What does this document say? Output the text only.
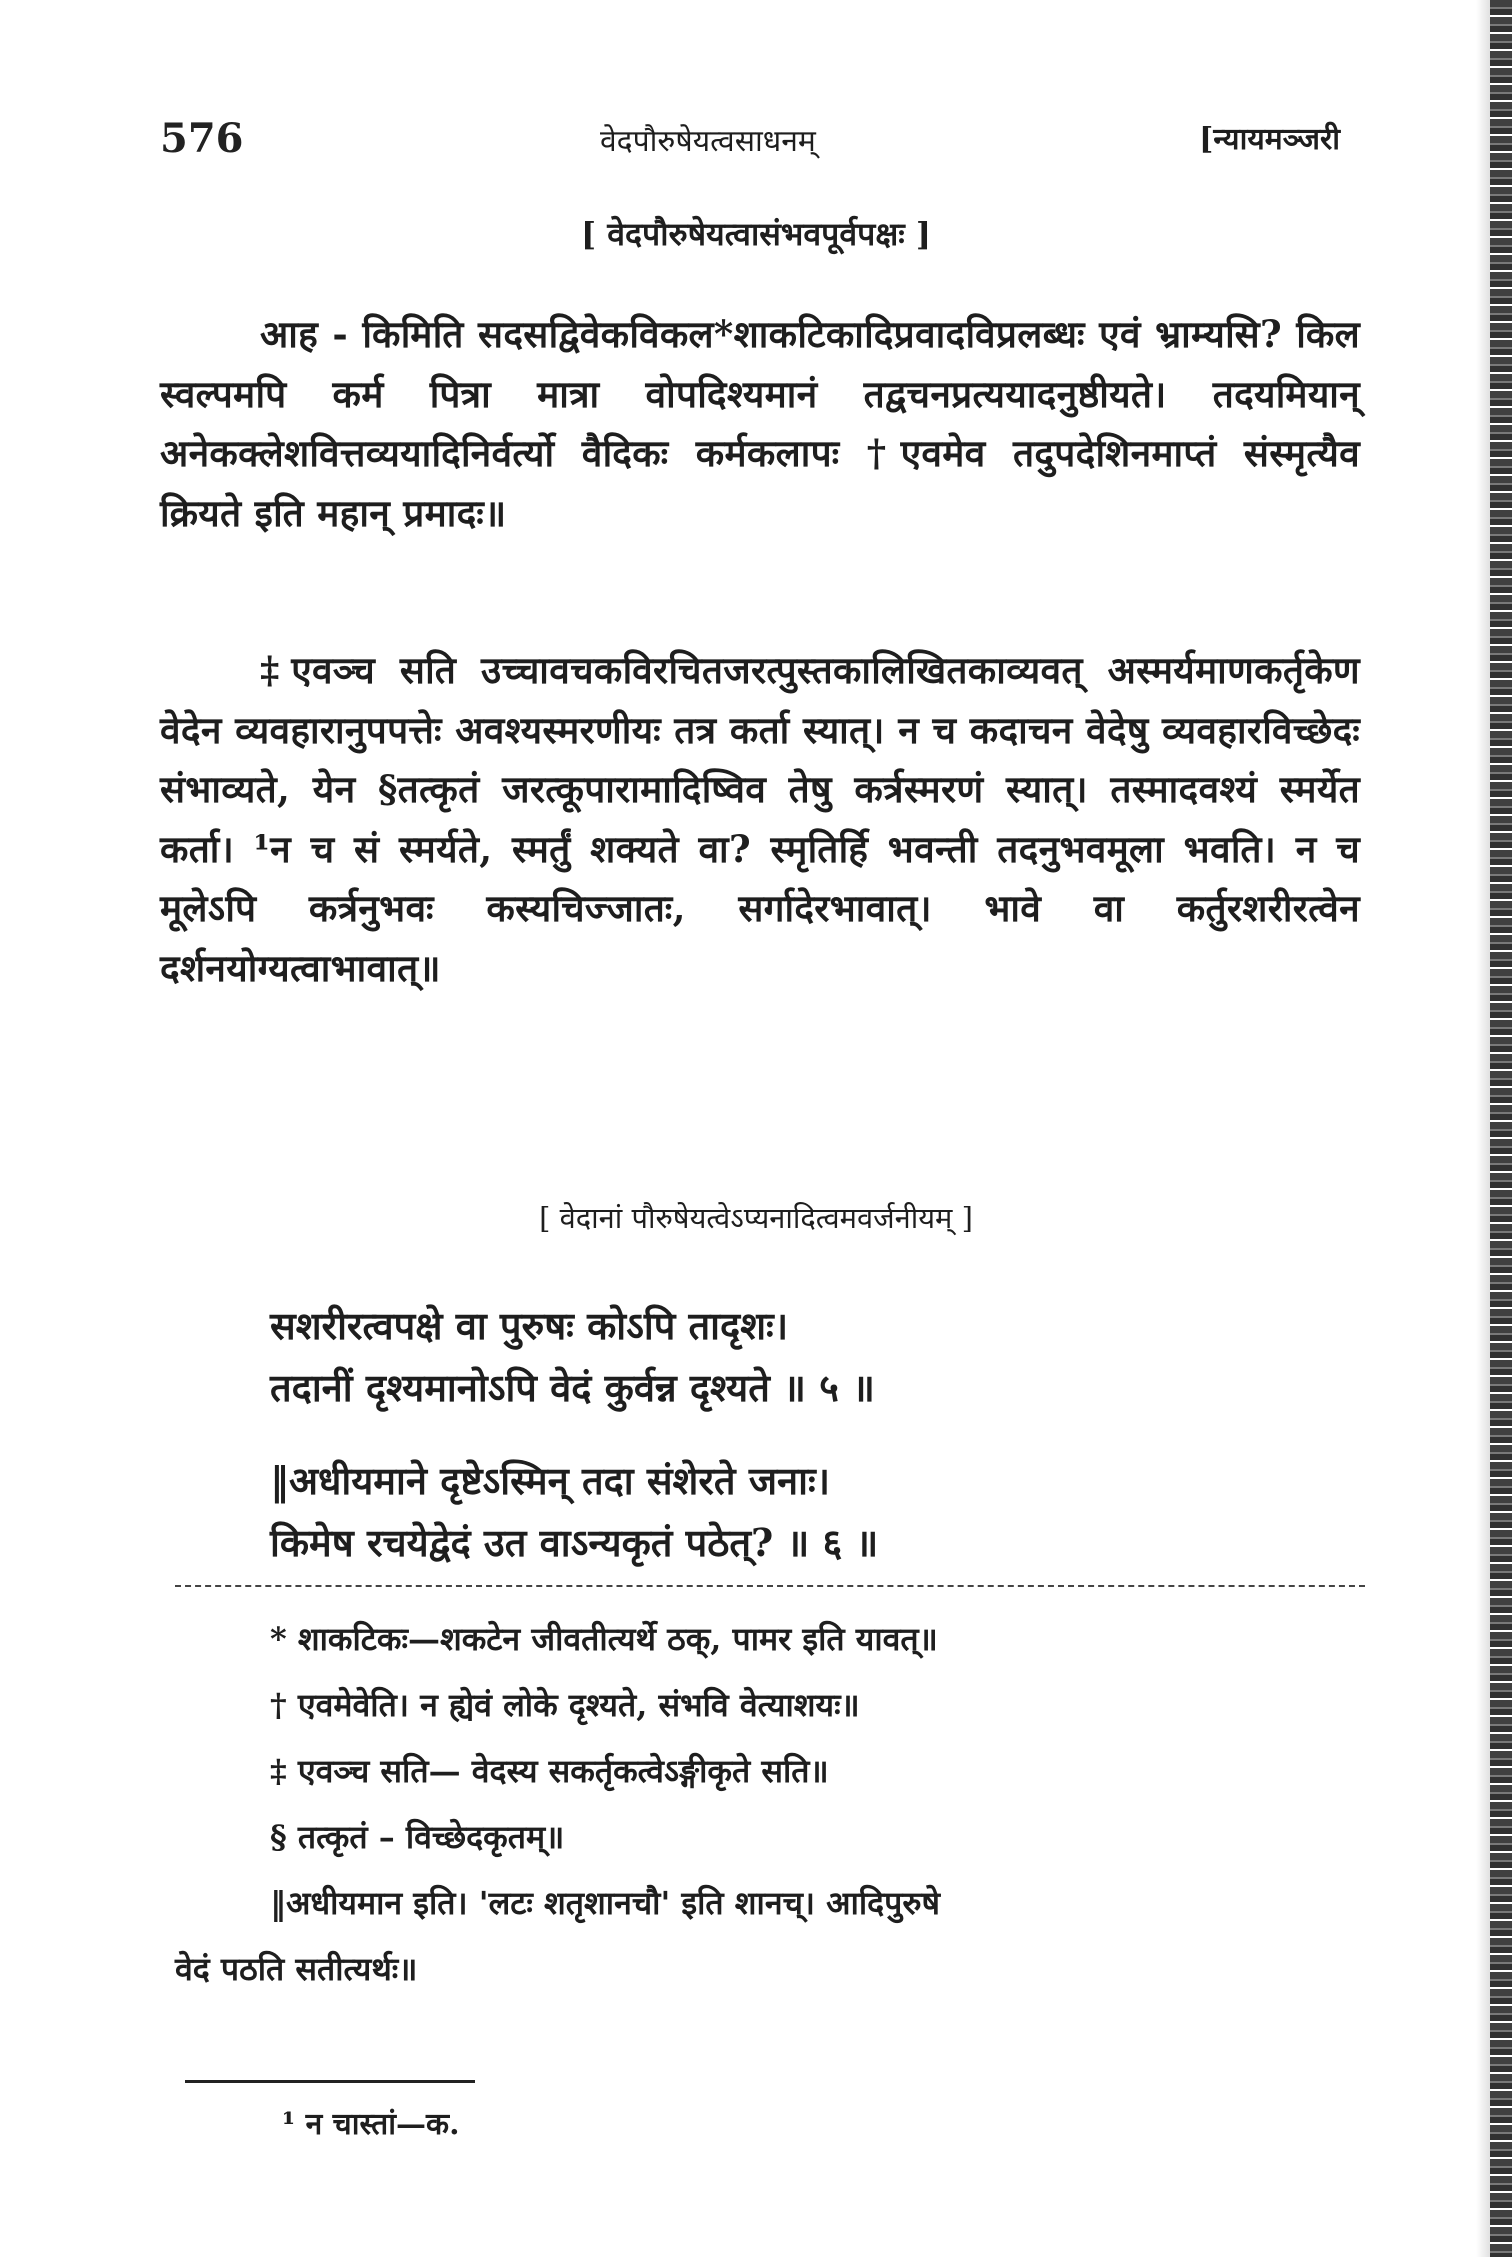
576	वेदपौरुषेयत्वसाधनम्	[न्यायमञ्जरी
[ वेदपौरुषेयत्वासंभवपूर्वपक्षः ]
आह - किमिति सदसद्विवेकविकल*शाकटिकादिप्रवादविप्रलब्धः एवं भ्राम्यसि? किल स्वल्पमपि कर्म पित्रा मात्रा वोपदिश्यमानं तद्वचनप्रत्ययादनुष्ठीयते। तदयमियान् अनेकक्लेशवित्तव्ययादिनिर्वर्त्यो वैदिकः कर्मकलापः †एवमेव तदुपदेशिनमाप्तं संस्मृत्यैव क्रियते इति महान् प्रमादः॥
‡एवञ्च सति उच्चावचकविरचितजरत्पुस्तकालिखितकाव्यवत् अस्मर्यमाणकर्तृकेण वेदेन व्यवहारानुपपत्तेः अवश्यस्मरणीयः तत्र कर्ता स्यात्। न च कदाचन वेदेषु व्यवहारविच्छेदः संभाव्यते, येन §तत्कृतं जरत्कूपारामादिष्विव तेषु कर्त्रस्मरणं स्यात्। तस्मादवश्यं स्मर्येत कर्ता। ¹न च सं स्मर्यते, स्मर्तुं शक्यते वा? स्मृतिर्हि भवन्ती तदनुभवमूला भवति। न च मूलेऽपि कर्त्रनुभवः कस्यचिज्जातः, सर्गादेरभावात्। भावे वा कर्तुरशरीरत्वेन दर्शनयोग्यत्वाभावात्॥
[ वेदानां पौरुषेयत्वेऽप्यनादित्वमवर्जनीयम् ]
सशरीरत्वपक्षे वा पुरुषः कोऽपि तादृशः।
तदानीं दृश्यमानोऽपि वेदं कुर्वन्न दृश्यते ॥ ५ ॥
‖अधीयमाने दृष्टेऽस्मिन् तदा संशेरते जनाः।
किमेष रचयेद्वेदं उत वाऽन्यकृतं पठेत्? ॥ ६ ॥
* शाकटिकः—शकटेन जीवतीत्यर्थे ठक्, पामर इति यावत्॥
† एवमेवेति। न ह्येवं लोके दृश्यते, संभवि वेत्याशयः॥
‡ एवञ्च सति— वेदस्य सकर्तृकत्वेऽङ्गीकृते सति॥
§ तत्कृतं – विच्छेदकृतम्॥
‖अधीयमान इति। 'लटः शतृशानचौ' इति शानच्। आदिपुरुषे
वेदं पठति सतीत्यर्थः॥
¹ न चास्तां—क.
